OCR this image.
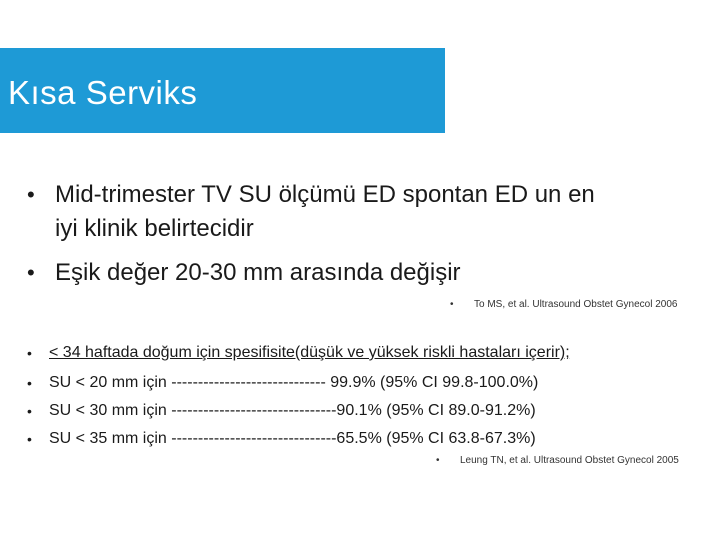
Kısa Serviks
• Mid-trimester TV SU ölçümü ED spontan ED un en
iyi klinik belirtecidir
• Eşik değer 20-30 mm arasında değişir
• To MS, et al. Ultrasound Obstet Gynecol 2006
• < 34 haftada doğum için spesifisite(düşük ve yüksek riskli hastaları içerir);
• SU < 20 mm için ----------------------------- 99.9% (95% CI 99.8-100.0%)
• SU < 30 mm için -------------------------------90.1% (95% CI 89.0-91.2%)
• SU < 35 mm için -------------------------------65.5% (95% CI 63.8-67.3%)
• Leung TN, et al. Ultrasound Obstet Gynecol 2005
